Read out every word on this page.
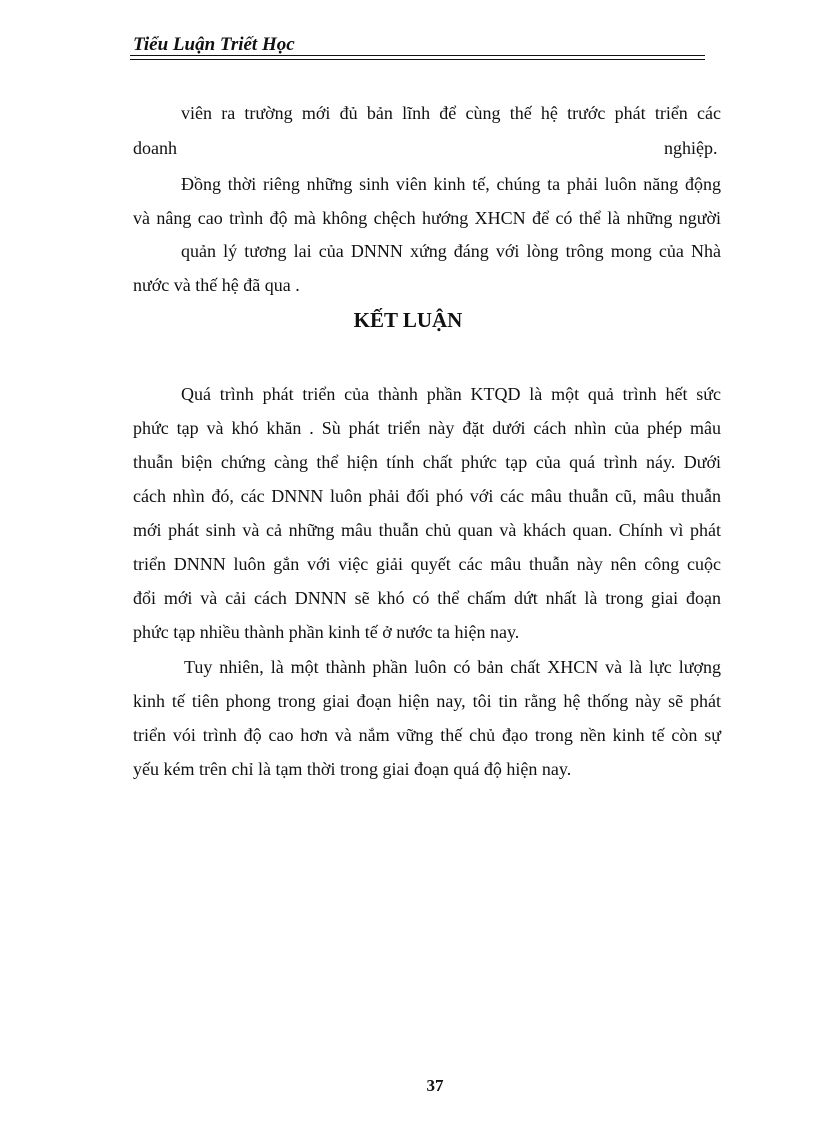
Tiểu Luận Triết Học
viên ra trường mới đủ bản lĩnh để cùng thế hệ trước phát triển các
doanh	nghiệp.
Đồng thời riêng những sinh viên kinh tế, chúng ta phải luôn năng động
và nâng cao trình độ mà không chệch hướng XHCN để có thể là những người
quản lý tương lai của DNNN xứng đáng với lòng trông mong của Nhà
nước và thế hệ đã qua .
KẾT LUẬN
Quá trình phát triển của thành phần KTQD là một quả trình hết sức
phức tạp và khó khăn . Sù phát triển này đặt dưới cách nhìn của phép mâu
thuẫn biện chứng càng thể hiện tính chất phức tạp của quá trình náy. Dưới
cách nhìn đó, các DNNN luôn phải đối phó với các mâu thuẫn cũ, mâu thuẫn
mới phát sinh và cả những mâu thuẫn chủ quan và khách quan. Chính vì phát
triển DNNN luôn gắn với việc giải quyết các mâu thuẫn này nên công cuộc
đổi mới và cải cách DNNN sẽ khó có thể chấm dứt nhất là trong giai đoạn
phức tạp nhiều thành phần kinh tế ở nước ta hiện nay.
Tuy nhiên, là một thành phần luôn có bản chất XHCN và là lực lượng
kinh tế tiên phong trong giai đoạn hiện nay, tôi tin rằng hệ thống này sẽ phát
triển vói trình độ cao hơn và nắm vững thế chủ đạo trong nền kinh tế còn sự
yếu kém trên chỉ là tạm thời trong giai đoạn quá độ hiện nay.
37
